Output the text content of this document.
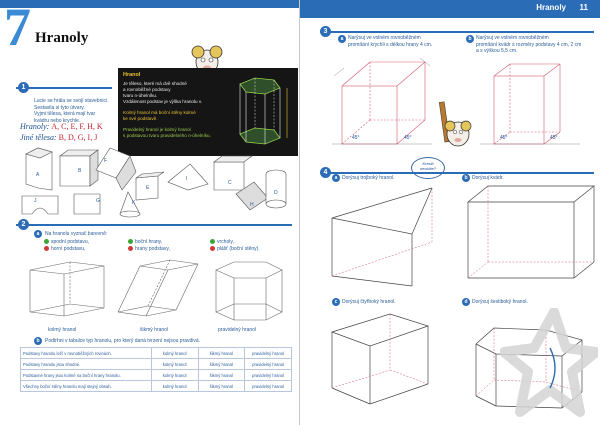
7 Hranoly
1
Lucie se hrála se svojí stavebnicí.
Sestavila si tyto útvary.
Vyjmi tělesa, která mají tvar
kvádru nebo krychle.
Hranoly: A, C, E, F, H, K
Jiné tělesa: B, D, G, I, J
Hranol
Je těleso, které má dvě shodné
a rovnoběžné podstavy
tvaru n-úhelníku.
Vzdálenost podstav je výška hranolu v.
Kolmý hranol má boční stěny kolmé
ke své podstavě.
Pravidelný hranol je kolmý hranol
s podstavou tvaru pravidelného n-úhelníku.
A
B
F
E
I
C
H
D
J	G	K
2
a	Na hranolu vyznač barevně:
spodní podstavu,
horní podstavu,
boční hrany,
hrany podstavy,
vrcholy,
plášť (boční stěny).
kolmý hranol	šikmý hranol	pravidelný hranol
b	Podtrhni v tabulce typ hranolu, pro který daná tvrzení nejsou pravdivá.
Podstavy hranolu leží v rovnoběžných rovinách.	kolmý hranol	šikmý hranol	pravidelný hranol
Podstavy hranolu jsou shodné.	kolmý hranol	šikmý hranol	pravidelný hranol
Podstavné hrany jsou kolmé na boční hrany hranolu.	kolmý hranol	šikmý hranol	pravidelný hranol
Všechny boční stěny hranolu mají stejný obsah.	kolmý hranol	šikmý hranol	pravidelný hranol
Hranoly 11
3
a Narýsuj ve volném rovnoběžném
promítání krychli s délkou hrany 4 cm.
b Narýsuj ve volném rovnoběžném
promítání kvádr s rozměry podstavy 4 cm, 2 cm
a s výškou 5,5 cm.
45°	45°
Kreslit
nevidíte?
45°	45°
4
a Dorýsuj trojboký hranol.	b Dorýsuj kvádr.
c Dorýsuj čtyřboký hranol.	d Dorýsuj šestiboký hranol.
